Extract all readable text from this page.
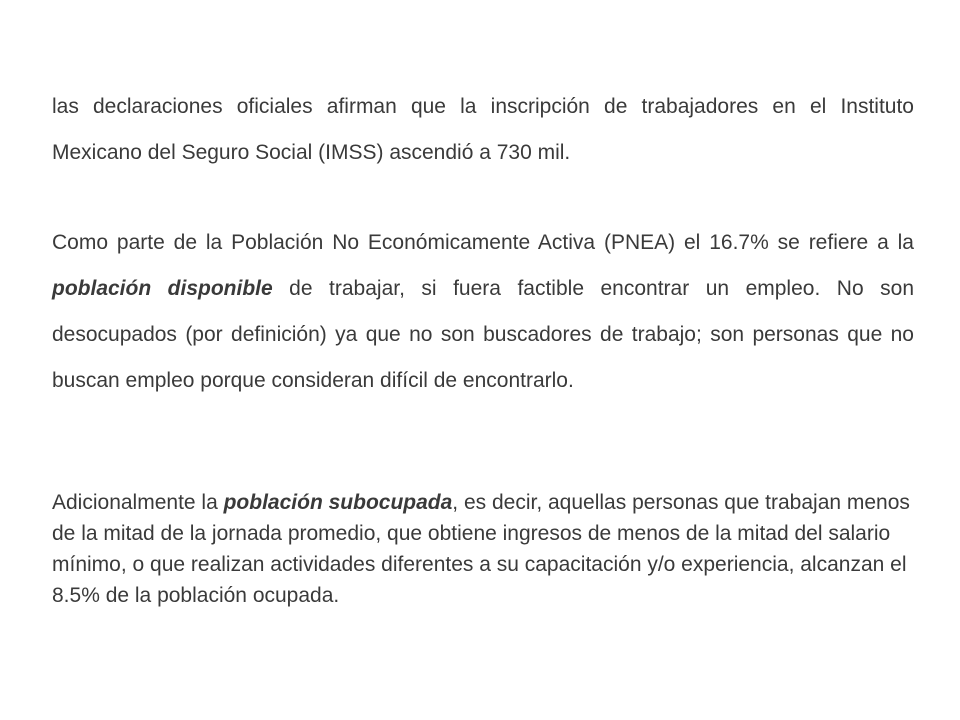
las declaraciones oficiales afirman que la inscripción de trabajadores en el Instituto Mexicano del Seguro Social (IMSS) ascendió a 730 mil.

Como parte de la Población No Económicamente Activa (PNEA) el 16.7% se refiere a la población disponible de trabajar, si fuera factible encontrar un empleo. No son desocupados (por definición) ya que no son buscadores de trabajo; son personas que no buscan empleo porque consideran difícil de encontrarlo.

Adicionalmente la población subocupada, es decir, aquellas personas que trabajan menos de la mitad de la jornada promedio, que obtiene ingresos de menos de la mitad del salario mínimo, o que realizan actividades diferentes a su capacitación y/o experiencia, alcanzan el 8.5% de la población ocupada.
